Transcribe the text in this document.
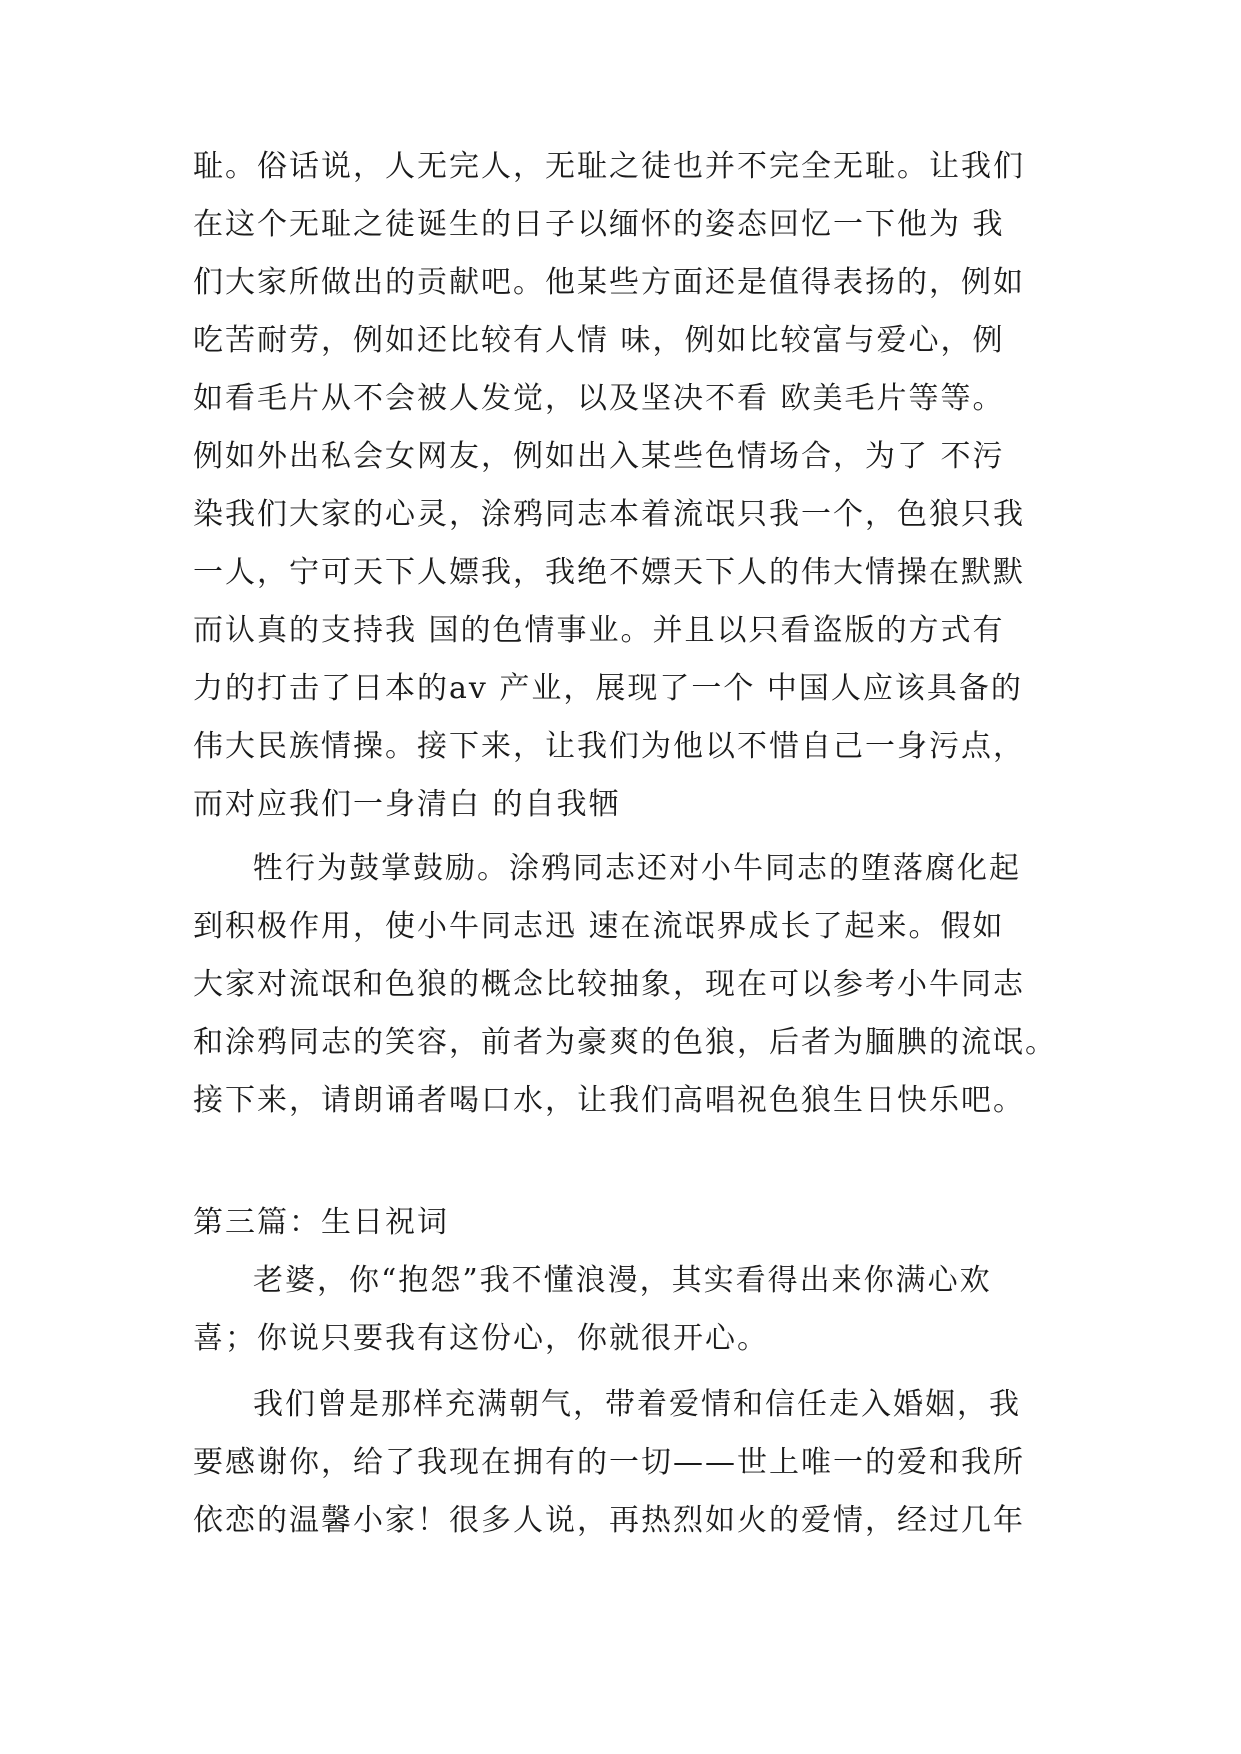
耻。俗话说，人无完人，无耻之徒也并不完全无耻。让我们
在这个无耻之徒诞生的日子以缅怀的姿态回忆一下他为 我
们大家所做出的贡献吧。他某些方面还是值得表扬的，例如
吃苦耐劳，例如还比较有人情 味，例如比较富与爱心，例
如看毛片从不会被人发觉，以及坚决不看 欧美毛片等等。
例如外出私会女网友，例如出入某些色情场合，为了 不污
染我们大家的心灵，涂鸦同志本着流氓只我一个，色狼只我
一人，宁可天下人嫖我，我绝不嫖天下人的伟大情操在默默
而认真的支持我 国的色情事业。并且以只看盗版的方式有
力的打击了日本的av 产业，展现了一个 中国人应该具备的
伟大民族情操。接下来，让我们为他以不惜自己一身污点，
而对应我们一身清白 的自我牺
牲行为鼓掌鼓励。涂鸦同志还对小牛同志的堕落腐化起
到积极作用，使小牛同志迅 速在流氓界成长了起来。假如
大家对流氓和色狼的概念比较抽象，现在可以参考小牛同志
和涂鸦同志的笑容，前者为豪爽的色狼，后者为腼腆的流氓。
接下来，请朗诵者喝口水，让我们高唱祝色狼生日快乐吧。
第三篇：生日祝词
老婆，你“抱怨”我不懂浪漫，其实看得出来你满心欢
喜；你说只要我有这份心，你就很开心。
我们曾是那样充满朝气，带着爱情和信任走入婚姻，我
要感谢你，给了我现在拥有的一切——世上唯一的爱和我所
依恋的温馨小家！很多人说，再热烈如火的爱情，经过几年
